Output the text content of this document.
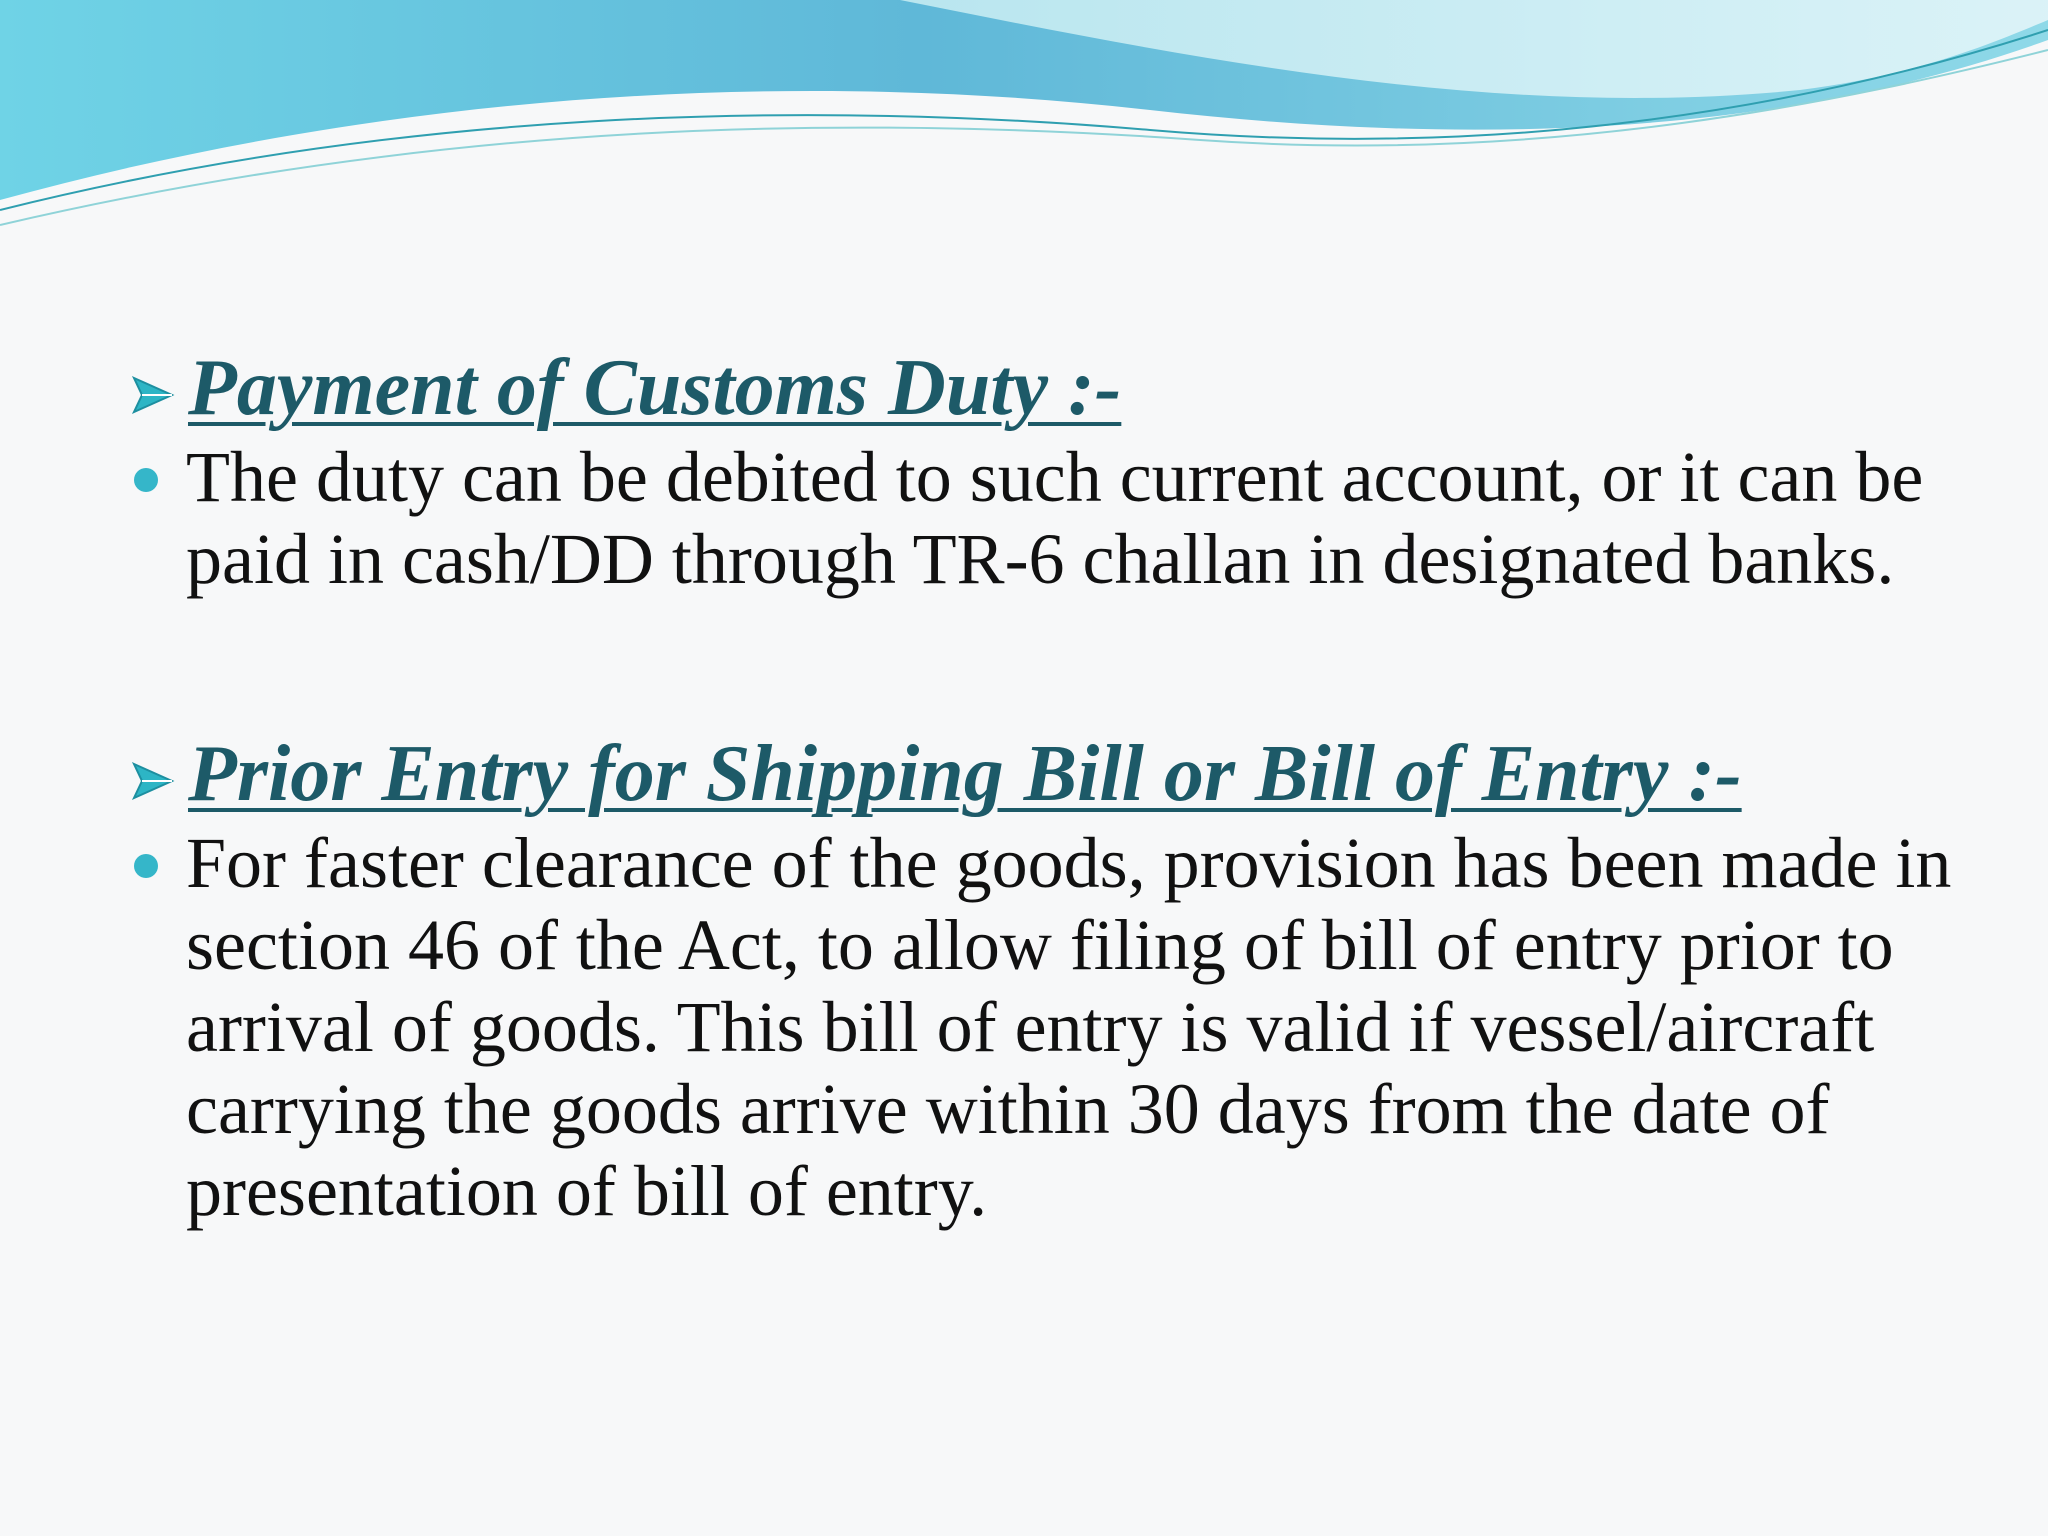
Payment of Customs Duty :-
The duty can be debited to such current account, or it can be paid in cash/DD through TR-6 challan in designated banks.
Prior Entry for Shipping Bill or Bill of Entry :-
For faster clearance of the goods, provision has been made in section 46 of the Act, to allow filing of bill of entry prior to arrival of goods. This bill of entry is valid if vessel/aircraft carrying the goods arrive within 30 days from the date of presentation of bill of entry.
